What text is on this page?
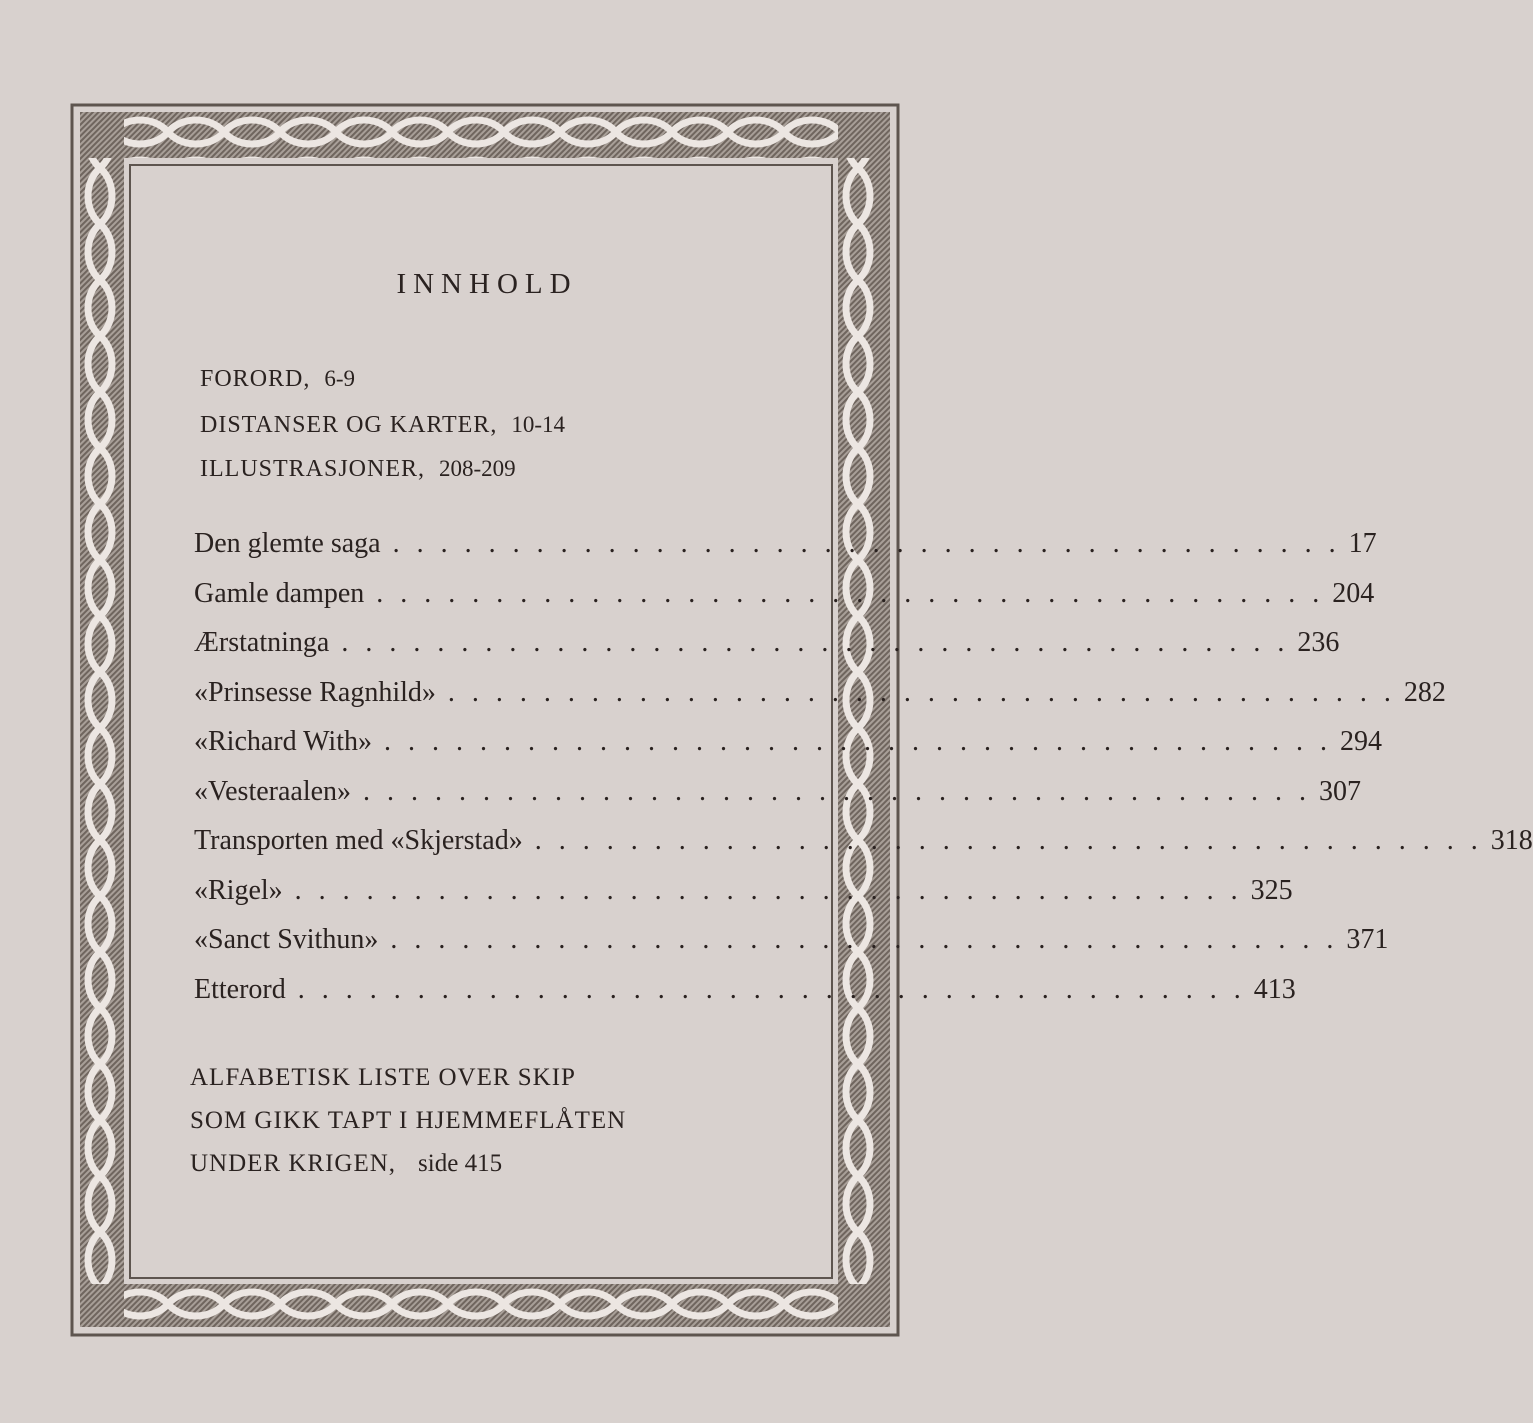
INNHOLD
FORORD, 6-9
DISTANSER OG KARTER, 10-14
ILLUSTRASJONER, 208-209
Den glemte saga . . . . . . . . . . . . . . . . . . . . . . . . . . . . . . . . . . . . . . . . 17
Gamle dampen . . . . . . . . . . . . . . . . . . . . . . . . . . . . . . . . . . . . . . . . 204
Ærstatninga . . . . . . . . . . . . . . . . . . . . . . . . . . . . . . . . . . . . . . . . 236
«Prinsesse Ragnhild» . . . . . . . . . . . . . . . . . . . . . . . . . . . . . . . . . . . . . . . . 282
«Richard With» . . . . . . . . . . . . . . . . . . . . . . . . . . . . . . . . . . . . . . . . 294
«Vesteraalen» . . . . . . . . . . . . . . . . . . . . . . . . . . . . . . . . . . . . . . . . 307
Transporten med «Skjerstad» . . . . . . . . . . . . . . . . . . . . . . . . . . . . . . . . . . . . . . . . 318
«Rigel» . . . . . . . . . . . . . . . . . . . . . . . . . . . . . . . . . . . . . . . . 325
«Sanct Svithun» . . . . . . . . . . . . . . . . . . . . . . . . . . . . . . . . . . . . . . . . 371
Etterord . . . . . . . . . . . . . . . . . . . . . . . . . . . . . . . . . . . . . . . . 413
ALFABETISK LISTE OVER SKIP
SOM GIKK TAPT I HJEMMEFLÅTEN
UNDER KRIGEN, side 415
